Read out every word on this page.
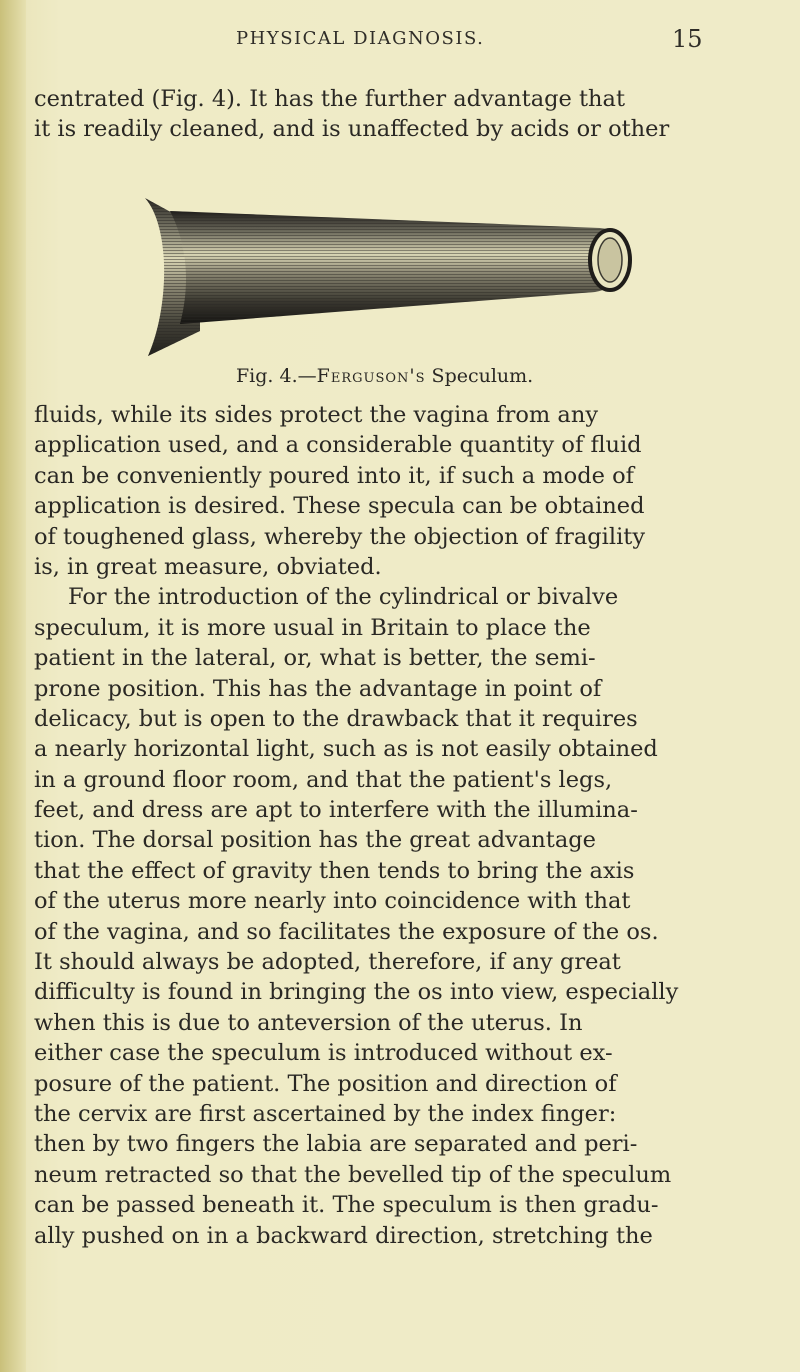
PHYSICAL DIAGNOSIS.	15
centrated (Fig. 4). It has the further advantage that
it is readily cleaned, and is unaffected by acids or other
Fig. 4.—Ferguson's Speculum.
fluids, while its sides protect the vagina from any
application used, and a considerable quantity of fluid
can be conveniently poured into it, if such a mode of
application is desired. These specula can be obtained
of toughened glass, whereby the objection of fragility
is, in great measure, obviated.
For the introduction of the cylindrical or bivalve
speculum, it is more usual in Britain to place the
patient in the lateral, or, what is better, the semi-
prone position. This has the advantage in point of
delicacy, but is open to the drawback that it requires
a nearly horizontal light, such as is not easily obtained
in a ground floor room, and that the patient's legs,
feet, and dress are apt to interfere with the illumina-
tion. The dorsal position has the great advantage
that the effect of gravity then tends to bring the axis
of the uterus more nearly into coincidence with that
of the vagina, and so facilitates the exposure of the os.
It should always be adopted, therefore, if any great
difficulty is found in bringing the os into view, especially
when this is due to anteversion of the uterus. In
either case the speculum is introduced without ex-
posure of the patient. The position and direction of
the cervix are first ascertained by the index finger:
then by two fingers the labia are separated and peri-
neum retracted so that the bevelled tip of the speculum
can be passed beneath it. The speculum is then gradu-
ally pushed on in a backward direction, stretching the
